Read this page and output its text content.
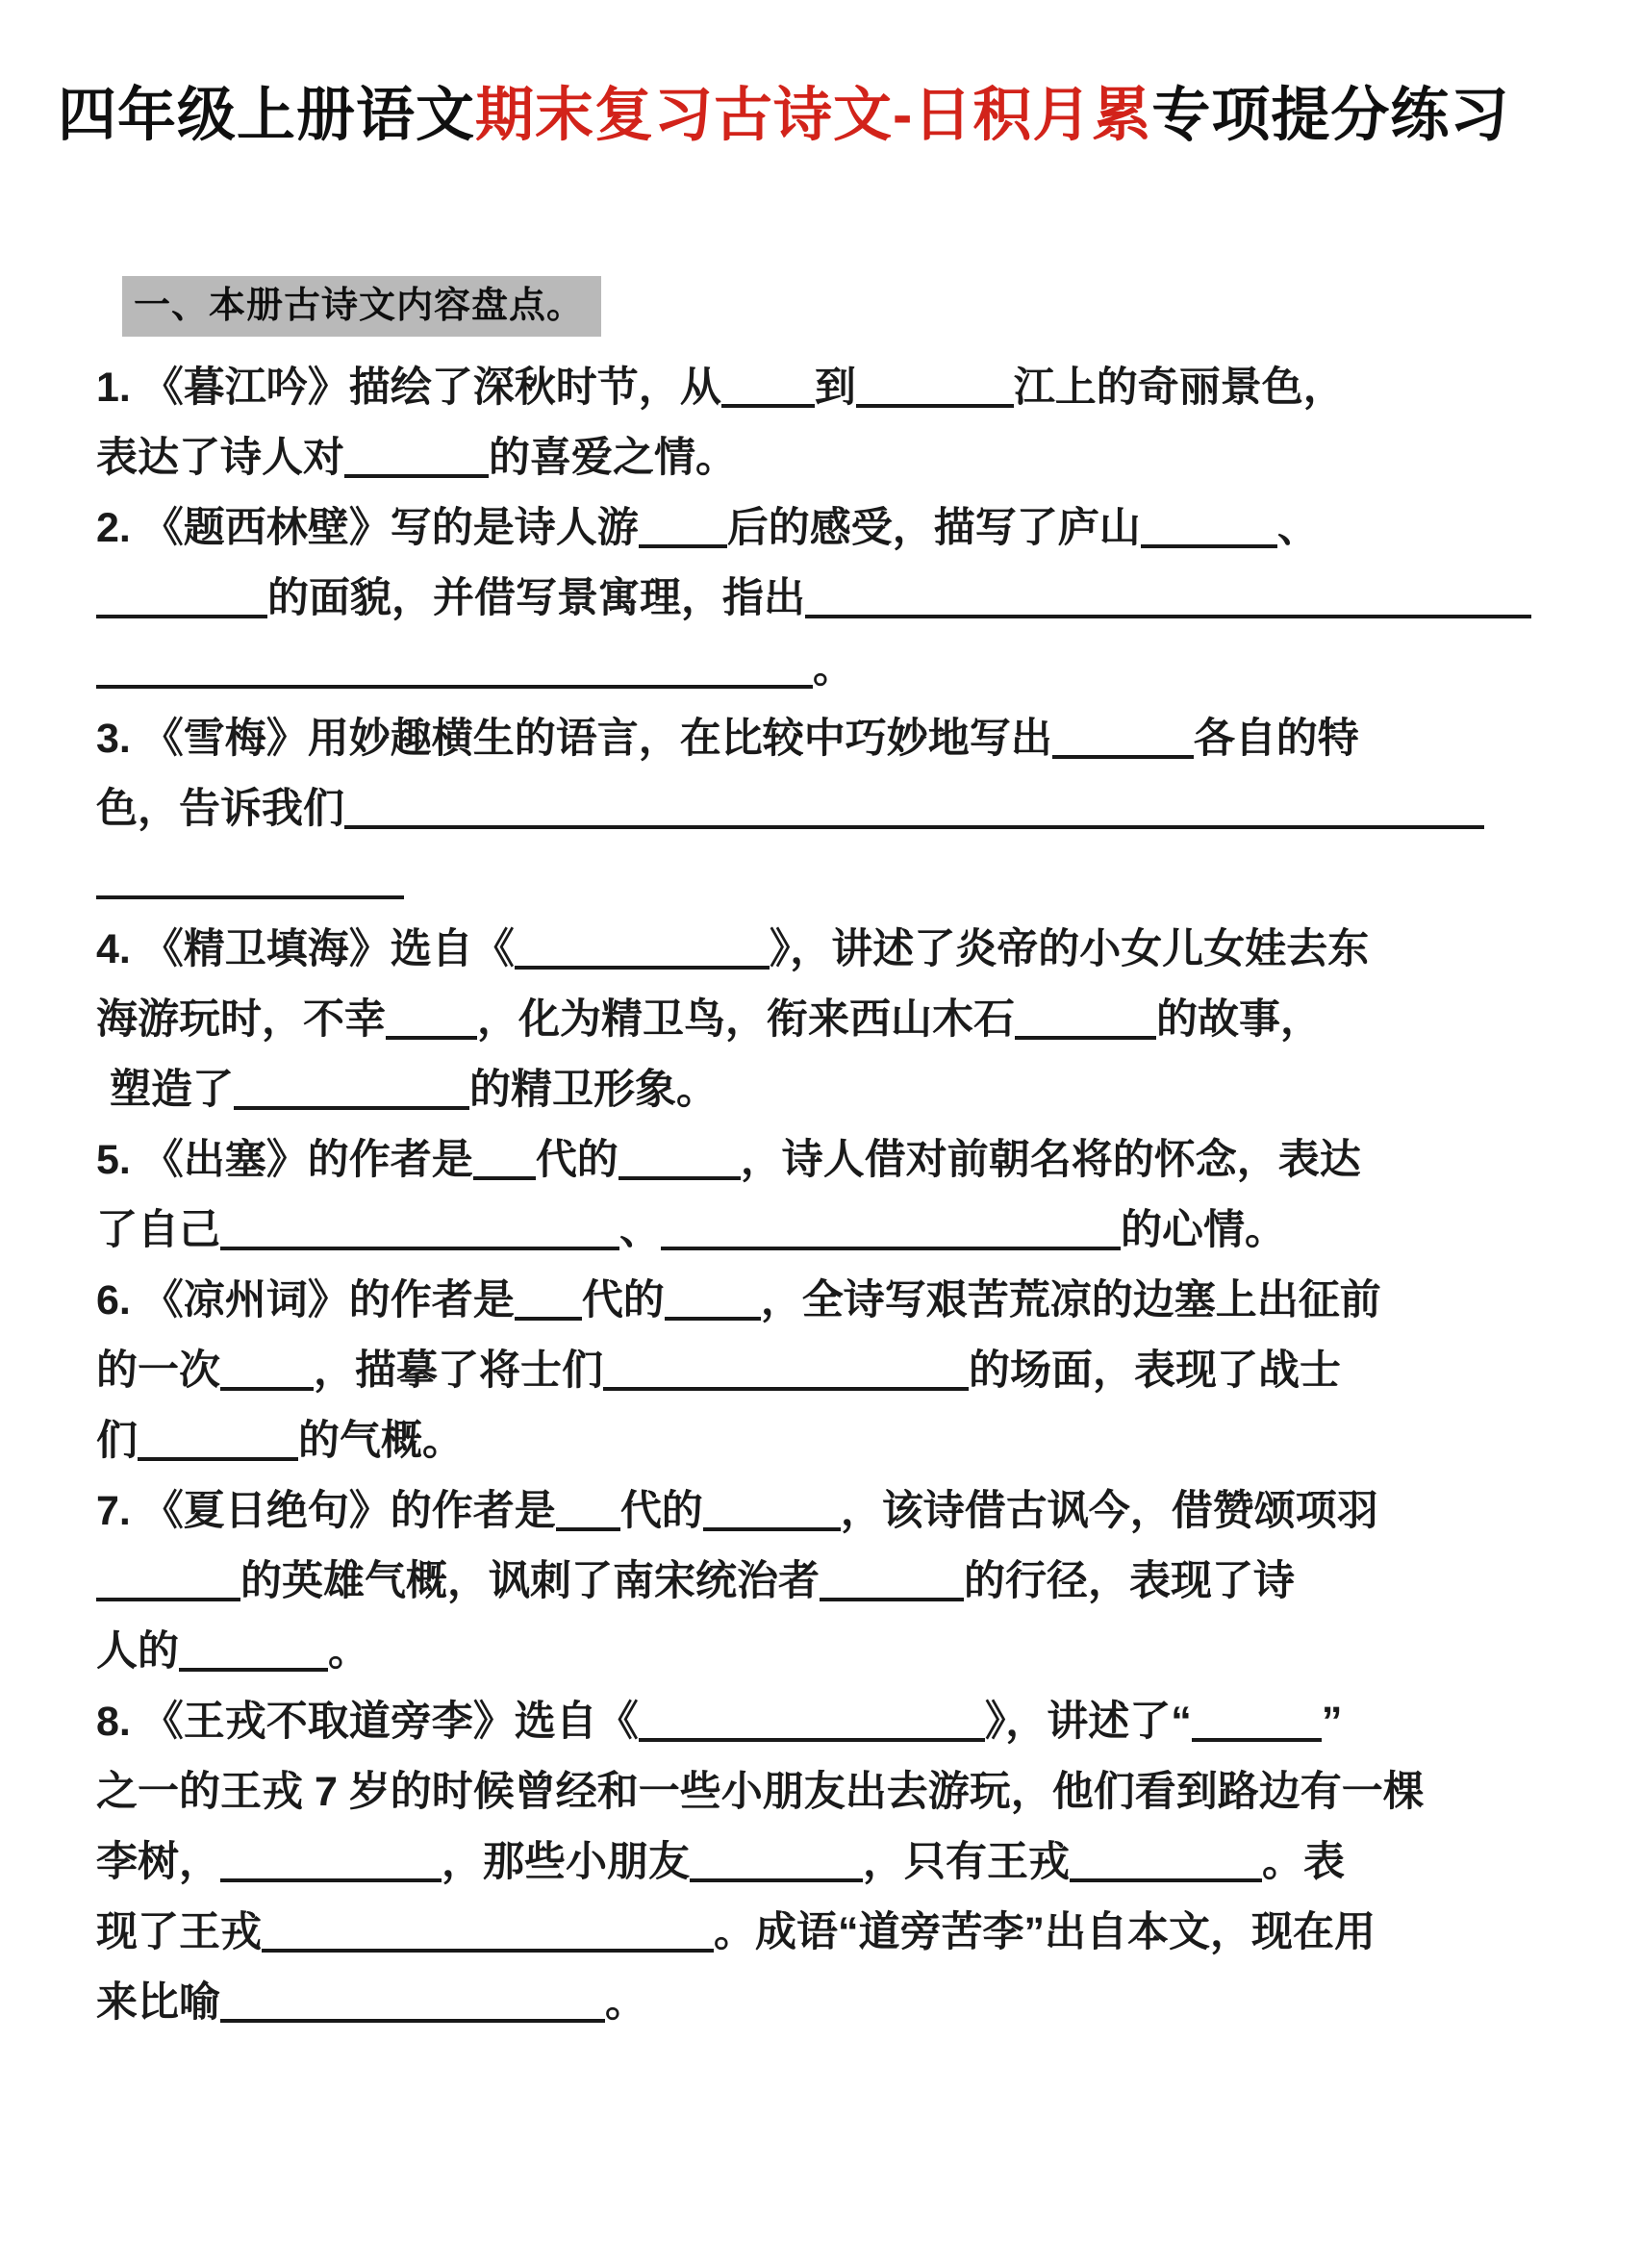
四年级上册语文期末复习古诗文-日积月累专项提分练习
一、本册古诗文内容盘点。
1. 《暮江吟》描绘了深秋时节，从 到	江上的奇丽景色，
表达了诗人对	的喜爱之情。
2. 《题西林壁》写的是诗人游 后的感受，描写了庐山	、
的面貌，并借写景寓理，指出
。
3. 《雪梅》用妙趣横生的语言，在比较中巧妙地写出	各自的特
色，告诉我们
4. 《精卫填海》选自《	》，讲述了炎帝的小女儿女娃去东
海游玩时，不幸 ，化为精卫鸟，衔来西山木石	的故事，
塑造了	的精卫形象。
5. 《出塞》的作者是 代的	，诗人借对前朝名将的怀念，表达
了自己	、	的心情。
6. 《凉州词》的作者是 代的 ，全诗写艰苦荒凉的边塞上出征前
的一次 ，描摹了将士们	的场面，表现了战士
们	的气概。
7. 《夏日绝句》的作者是 代的	，该诗借古讽今，借赞颂项羽
的英雄气概，讽刺了南宋统治者	的行径，表现了诗
人的	。
8. 《王戎不取道旁李》选自《	》，讲述了“	”
之一的王戎 7 岁的时候曾经和一些小朋友出去游玩，他们看到路边有一棵
李树，	，那些小朋友	，只有王戎	。表
现了王戎	。成语“道旁苦李”出自本文，现在用
来比喻	。
